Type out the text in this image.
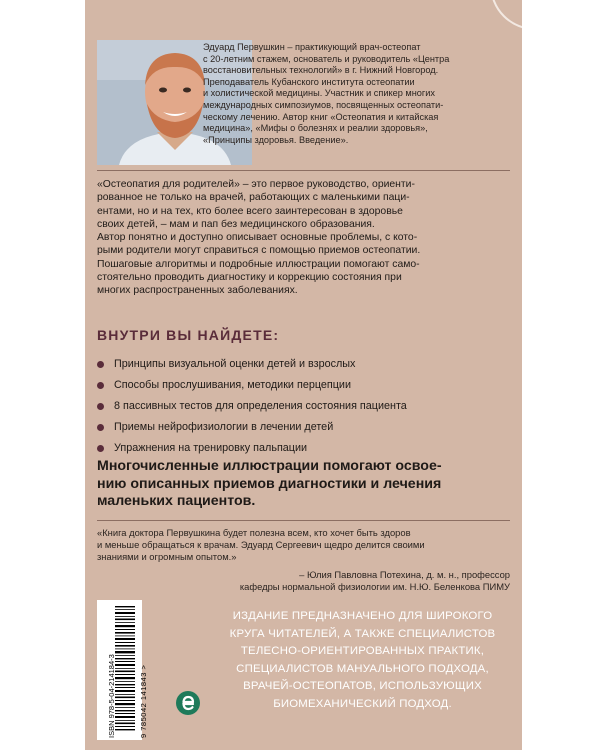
Эдуард Первушкин – практикующий врач-остеопат
с 20-летним стажем, основатель и руководитель «Центра
восстановительных технологий» в г. Нижний Новгород.
Преподаватель Кубанского института остеопатии
и холистической медицины. Участник и спикер многих
международных симпозиумов, посвященных остеопати-
ческому лечению. Автор книг «Остеопатия и китайская
медицина», «Мифы о болезнях и реалии здоровья»,
«Принципы здоровья. Введение».

«Остеопатия для родителей» – это первое руководство, ориенти-
рованное не только на врачей, работающих с маленькими паци-
ентами, но и на тех, кто более всего заинтересован в здоровье
своих детей, – мам и пап без медицинского образования.

Автор понятно и доступно описывает основные проблемы, с кото-
рыми родители могут справиться с помощью приемов остеопатии.
Пошаговые алгоритмы и подробные иллюстрации помогают само-
стоятельно проводить диагностику и коррекцию состояния при
многих распространенных заболеваниях.

ВНУТРИ ВЫ НАЙДЕТЕ:
Принципы визуальной оценки детей и взрослых
Способы прослушивания, методики перцепции
8 пассивных тестов для определения состояния пациента
Приемы нейрофизиологии в лечении детей
Упражнения на тренировку пальпации
Многочисленные иллюстрации помогают освое-
нию описанных приемов диагностики и лечения
маленьких пациентов.
«Книга доктора Первушкина будет полезна всем, кто хочет быть здоров
и меньше обращаться к врачам. Эдуард Сергеевич щедро делится своими
знаниями и огромным опытом.»
– Юлия Павловна Потехина, д. м. н., профессор
кафедры нормальной физиологии им. Н.Ю. Беленкова ПИМУ
ISBN 978-5-04-214184-3	9 785042 141843 >
ИЗДАНИЕ ПРЕДНАЗНАЧЕНО ДЛЯ ШИРОКОГО
КРУГА ЧИТАТЕЛЕЙ, А ТАКЖЕ СПЕЦИАЛИСТОВ
ТЕЛЕСНО-ОРИЕНТИРОВАННЫХ ПРАКТИК,
СПЕЦИАЛИСТОВ МАНУАЛЬНОГО ПОДХОДА,
ВРАЧЕЙ-ОСТЕОПАТОВ, ИСПОЛЬЗУЮЩИХ
БИОМЕХАНИЧЕСКИЙ ПОДХОД.
